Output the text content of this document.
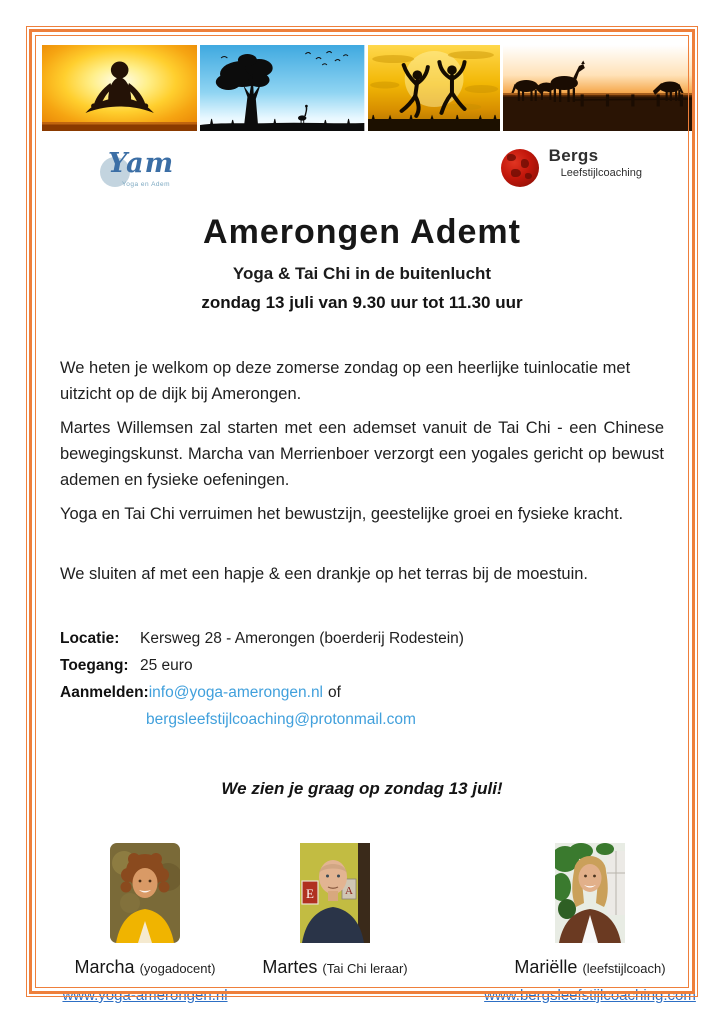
Yam
Yoga en Adem
Bergs
Leefstijlcoaching
Amerongen Ademt
Yoga & Tai Chi in de buitenlucht
zondag 13 juli van 9.30 uur tot 11.30 uur

We heten je welkom op deze zomerse zondag op een heerlijke tuinlocatie met uitzicht op de dijk bij Amerongen.

Martes Willemsen zal starten met een ademset vanuit de Tai Chi - een Chinese bewegingskunst. Marcha van Merrienboer verzorgt een yogales gericht op bewust ademen en fysieke oefeningen.

Yoga en Tai Chi verruimen het bewustzijn, geestelijke groei en fysieke kracht.

We sluiten af met een hapje & een drankje op het terras bij de moestuin.

Locatie:	Kersweg 28 - Amerongen (boerderij Rodestein)
Toegang: 25 euro
Aanmelden: info@yoga-amerongen.nl of
bergsleefstijlcoaching@protonmail.com
We zien je graag op zondag 13 juli!
Marcha (yogadocent)
www.yoga-amerongen.nl
E	A
Martes (Tai Chi leraar)	Mariëlle (leefstijlcoach)
www.bergsleefstijlcoaching.com
